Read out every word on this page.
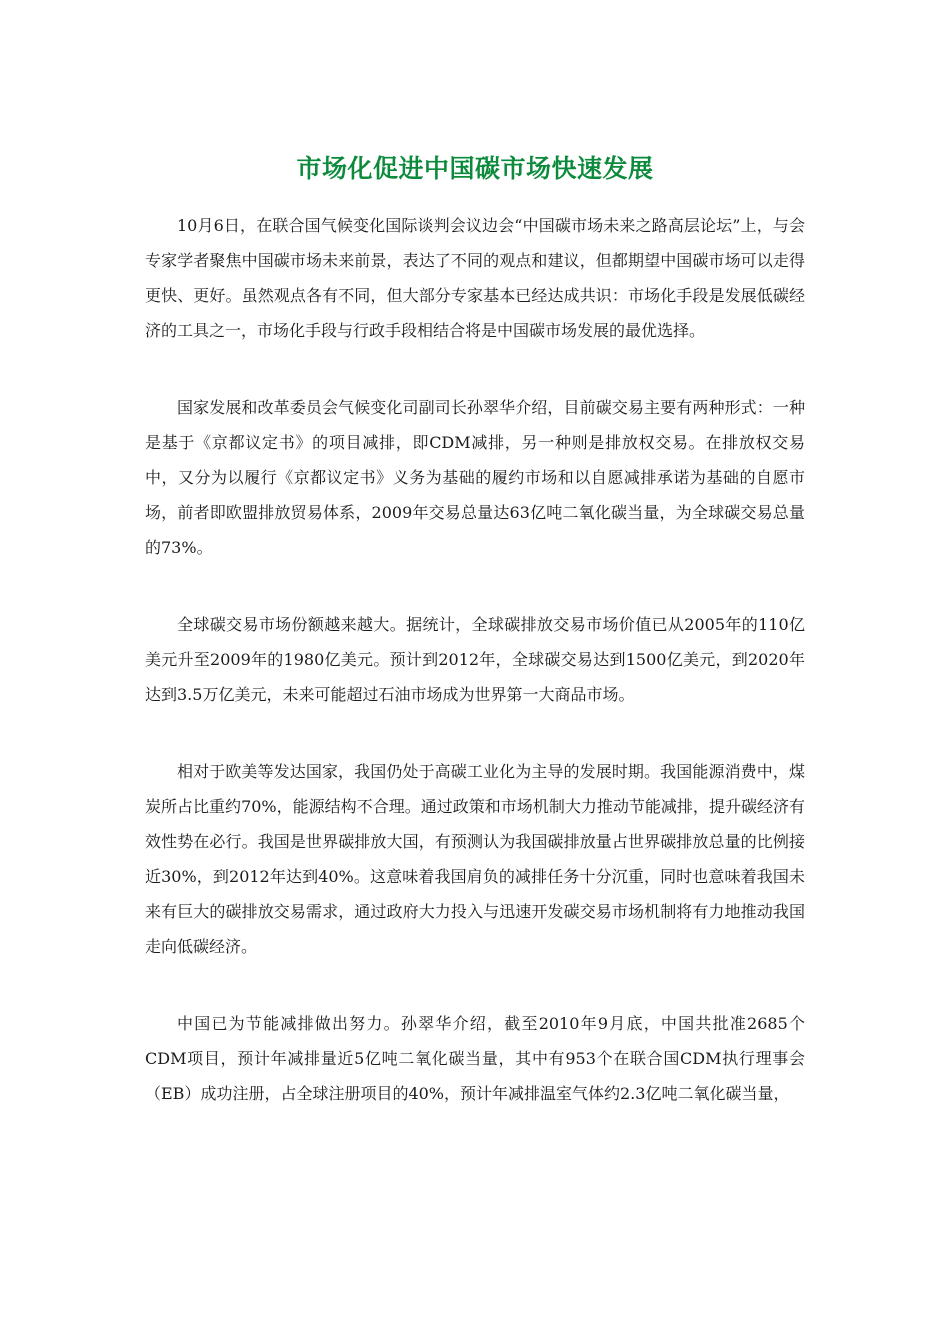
市场化促进中国碳市场快速发展

10月6日，在联合国气候变化国际谈判会议边会“中国碳市场未来之路高层论坛”上，与会专家学者聚焦中国碳市场未来前景，表达了不同的观点和建议，但都期望中国碳市场可以走得更快、更好。虽然观点各有不同，但大部分专家基本已经达成共识：市场化手段是发展低碳经济的工具之一，市场化手段与行政手段相结合将是中国碳市场发展的最优选择。

国家发展和改革委员会气候变化司副司长孙翠华介绍，目前碳交易主要有两种形式：一种是基于《京都议定书》的项目减排，即CDM减排，另一种则是排放权交易。在排放权交易中，又分为以履行《京都议定书》义务为基础的履约市场和以自愿减排承诺为基础的自愿市场，前者即欧盟排放贸易体系，2009年交易总量达63亿吨二氧化碳当量，为全球碳交易总量的73%。

全球碳交易市场份额越来越大。据统计，全球碳排放交易市场价值已从2005年的110亿美元升至2009年的1980亿美元。预计到2012年，全球碳交易达到1500亿美元，到2020年达到3.5万亿美元，未来可能超过石油市场成为世界第一大商品市场。

相对于欧美等发达国家，我国仍处于高碳工业化为主导的发展时期。我国能源消费中，煤炭所占比重约70%，能源结构不合理。通过政策和市场机制大力推动节能减排，提升碳经济有效性势在必行。我国是世界碳排放大国，有预测认为我国碳排放量占世界碳排放总量的比例接近30%，到2012年达到40%。这意味着我国肩负的减排任务十分沉重，同时也意味着我国未来有巨大的碳排放交易需求，通过政府大力投入与迅速开发碳交易市场机制将有力地推动我国走向低碳经济。

中国已为节能减排做出努力。孙翠华介绍，截至2010年9月底，中国共批准2685个CDM项目，预计年减排量近5亿吨二氧化碳当量，其中有953个在联合国CDM执行理事会（EB）成功注册，占全球注册项目的40%，预计年减排温室气体约2.3亿吨二氧化碳当量，
